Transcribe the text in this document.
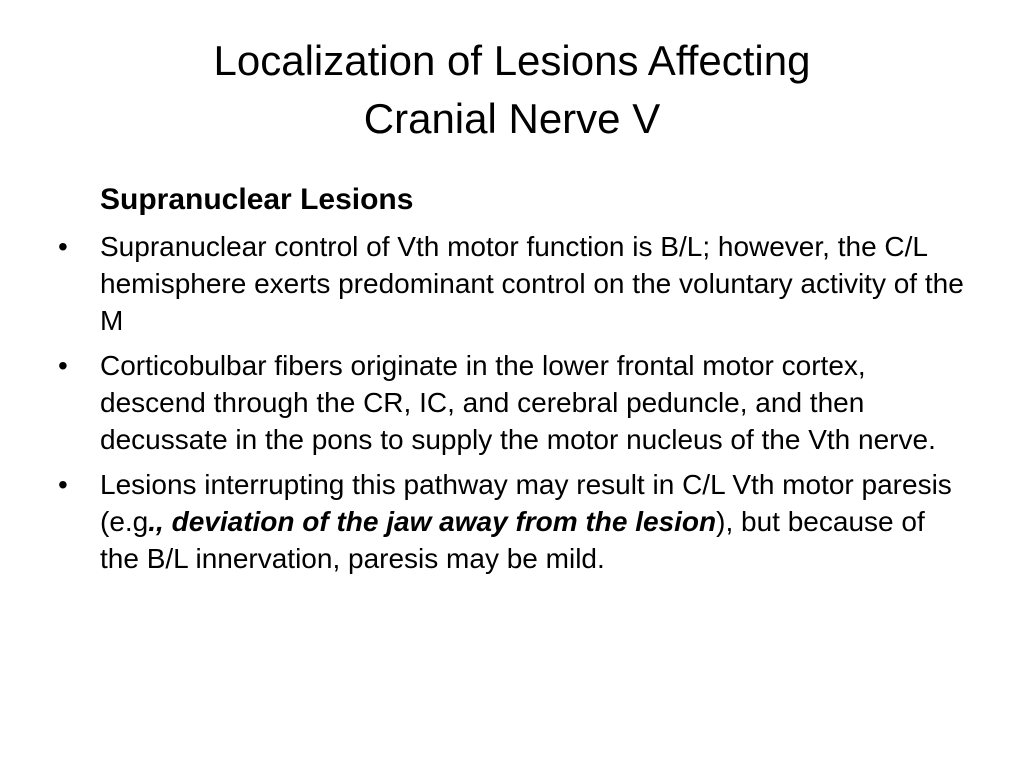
Localization of Lesions Affecting
Cranial Nerve V
Supranuclear Lesions
•	Supranuclear control of Vth motor function is B/L; however, the C/L hemisphere exerts predominant control on the voluntary activity of the M
•	Corticobulbar fibers originate in the lower frontal motor cortex, descend through the CR, IC, and cerebral peduncle, and then decussate in the pons to supply the motor nucleus of the Vth nerve.
•	Lesions interrupting this pathway may result in C/L Vth motor paresis (e.g., deviation of the jaw away from the lesion), but because of the B/L innervation, paresis may be mild.
